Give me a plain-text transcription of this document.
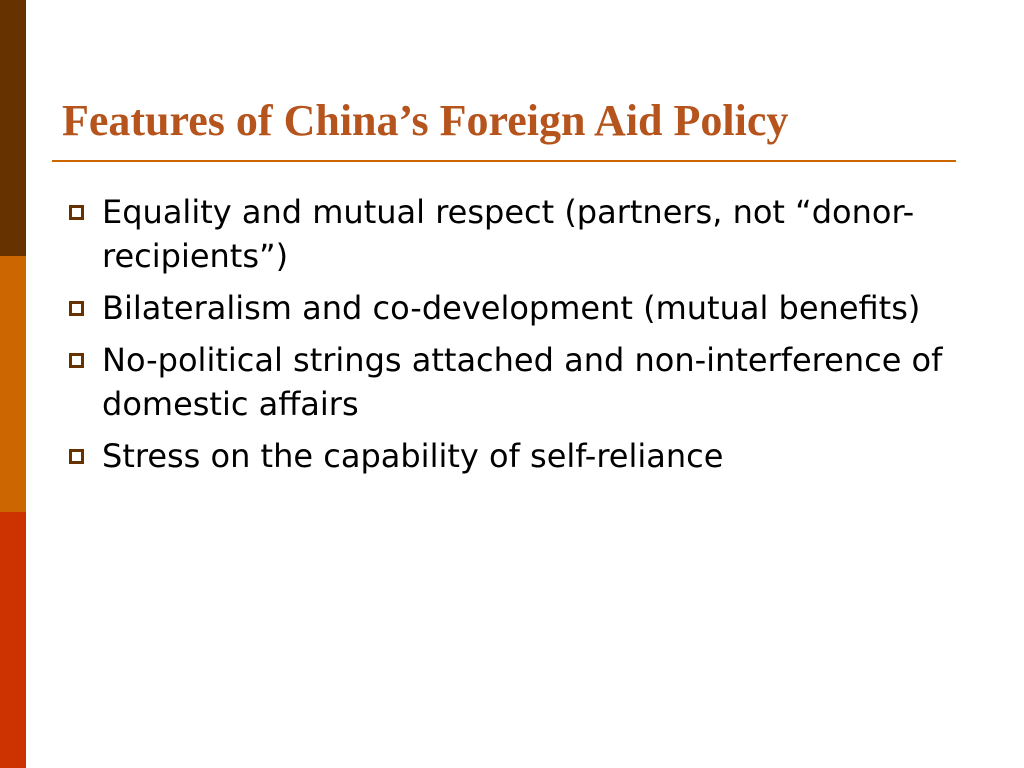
Features of China’s Foreign Aid Policy
Equality and mutual respect (partners, not “donor-recipients”)
Bilateralism and co-development (mutual benefits)
No-political strings attached and non-interference of domestic affairs
Stress on the capability of self-reliance
